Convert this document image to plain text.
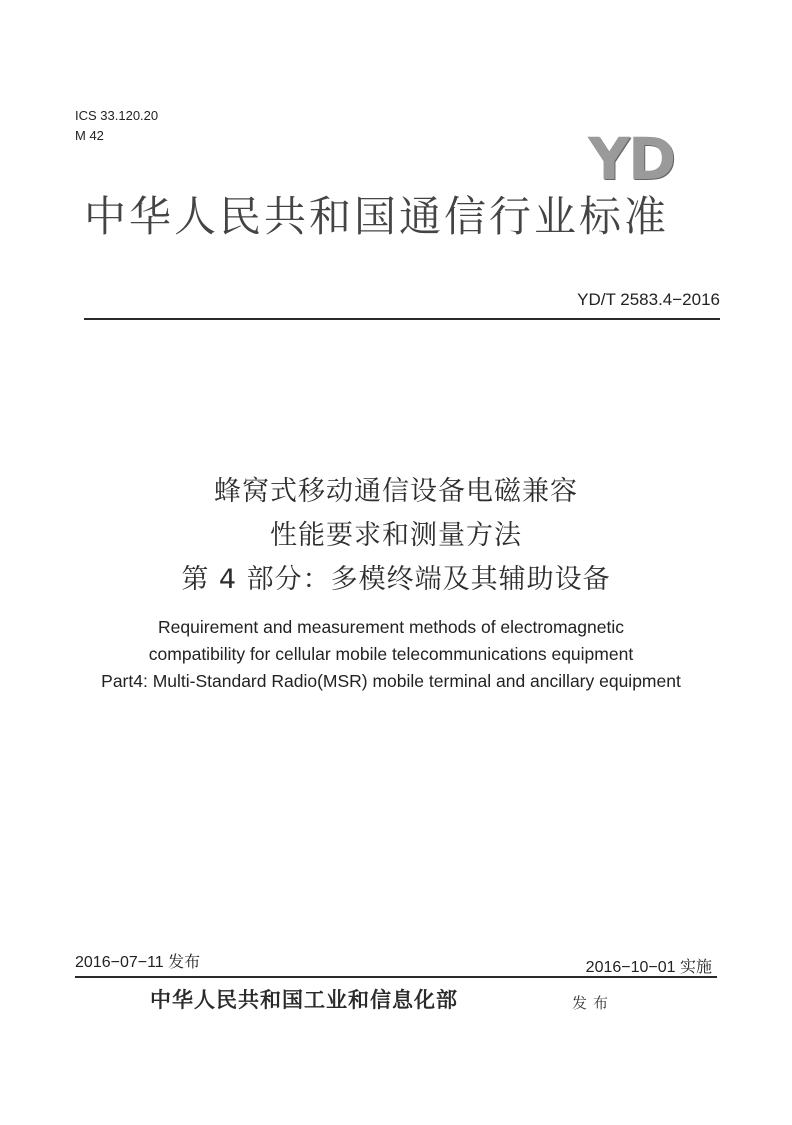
ICS 33.120.20
M 42	YD
中华人民共和国通信行业标准
YD/T 2583.4−2016
蜂窝式移动通信设备电磁兼容
性能要求和测量方法
第 4 部分：多模终端及其辅助设备
Requirement and measurement methods of electromagnetic
compatibility for cellular mobile telecommunications equipment
Part4: Multi-Standard Radio(MSR) mobile terminal and ancillary equipment
2016−07−11 发布	2016−10−01 实施
中华人民共和国工业和信息化部	发布
